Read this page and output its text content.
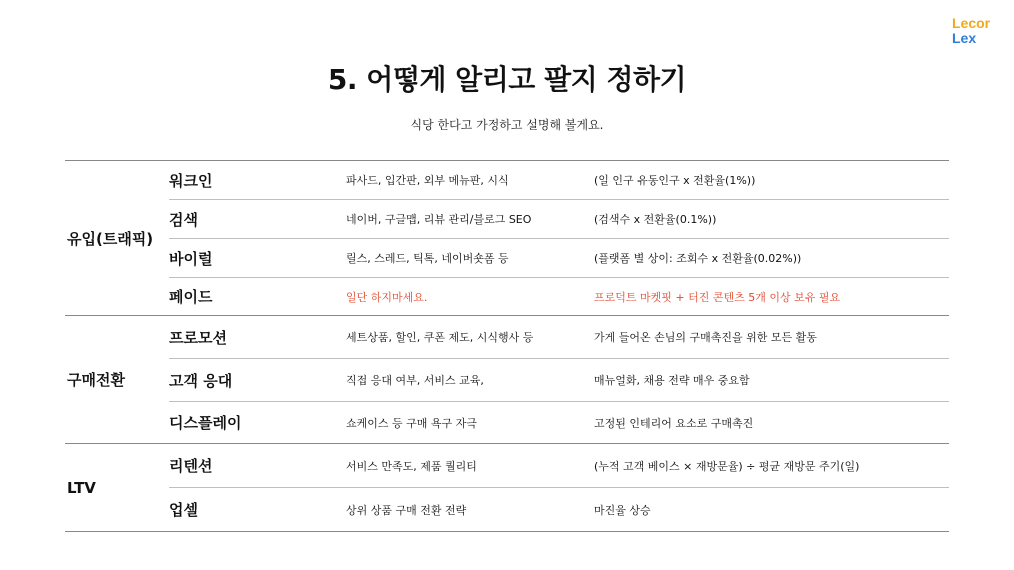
Lecor
Lex
5. 어떻게 알리고 팔지 정하기
식당 한다고 가정하고 설명해 볼게요.
유입(트래픽)
워크인	파사드, 입간판, 외부 메뉴판, 시식	(일 인구 유동인구 x 전환율(1%))
검색	네이버, 구글맵, 리뷰 관리/블로그 SEO	(검색수 x 전환율(0.1%))
바이럴	릴스, 스레드, 틱톡, 네이버숏폼 등	(플랫폼 별 상이: 조회수 x 전환율(0.02%))
페이드	일단 하지마세요.	프로덕트 마켓핏 + 터진 콘텐츠 5개 이상 보유 필요
구매전환
프로모션	세트상품, 할인, 쿠폰 제도, 시식행사 등	가게 들어온 손님의 구매촉진을 위한 모든 활동
고객 응대	직접 응대 여부, 서비스 교육,	매뉴얼화, 채용 전략 매우 중요함
디스플레이	쇼케이스 등 구매 욕구 자극	고정된 인테리어 요소로 구매촉진
LTV
리텐션	서비스 만족도, 제품 퀄리티	(누적 고객 베이스 × 재방문율) ÷ 평균 재방문 주기(일)
업셀	상위 상품 구매 전환 전략	마진율 상승
